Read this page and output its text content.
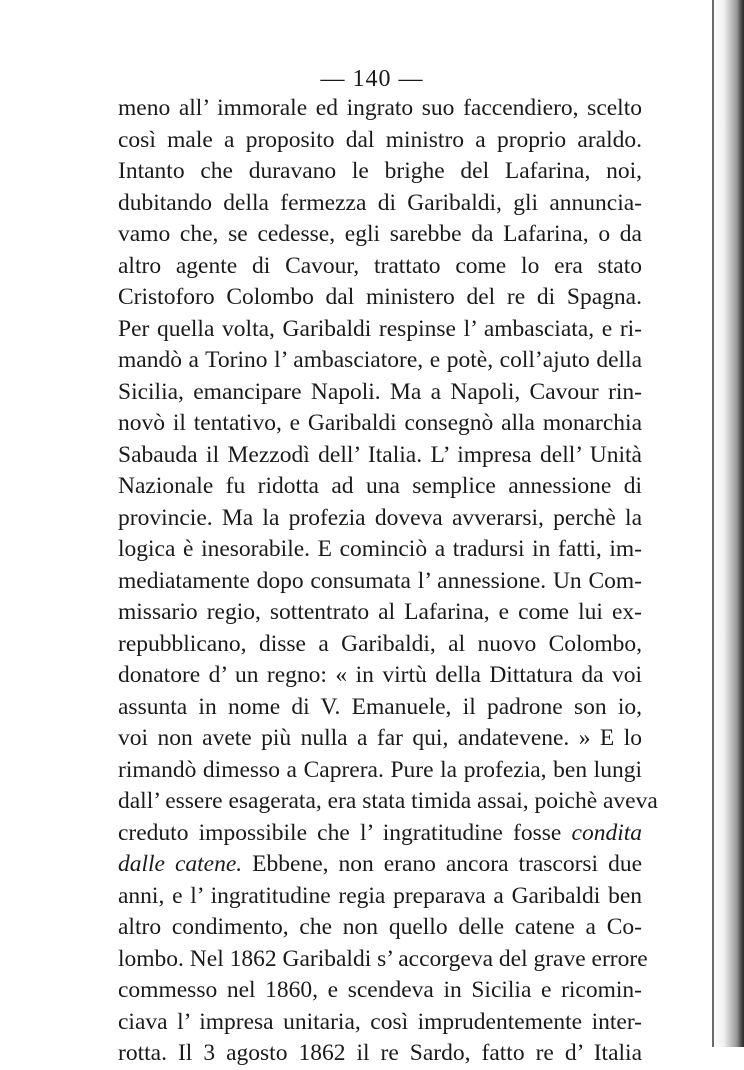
— 140 —
meno all’ immorale ed ingrato suo faccendiero, scelto
così male a proposito dal ministro a proprio araldo.
Intanto che duravano le brighe del Lafarina, noi,
dubitando della fermezza di Garibaldi, gli annuncia-
vamo che, se cedesse, egli sarebbe da Lafarina, o da
altro agente di Cavour, trattato come lo era stato
Cristoforo Colombo dal ministero del re di Spagna.
Per quella volta, Garibaldi respinse l’ ambasciata, e ri-
mandò a Torino l’ ambasciatore, e potè, coll’ajuto della
Sicilia, emancipare Napoli. Ma a Napoli, Cavour rin-
novò il tentativo, e Garibaldi consegnò alla monarchia
Sabauda il Mezzodì dell’ Italia. L’ impresa dell’ Unità
Nazionale fu ridotta ad una semplice annessione di
provincie. Ma la profezia doveva avverarsi, perchè la
logica è inesorabile. E cominciò a tradursi in fatti, im-
mediatamente dopo consumata l’ annessione. Un Com-
missario regio, sottentrato al Lafarina, e come lui ex-
repubblicano, disse a Garibaldi, al nuovo Colombo,
donatore d’ un regno: « in virtù della Dittatura da voi
assunta in nome di V. Emanuele, il padrone son io,
voi non avete più nulla a far qui, andatevene. » E lo
rimandò dimesso a Caprera. Pure la profezia, ben lungi
dall’ essere esagerata, era stata timida assai, poichè aveva
creduto impossibile che l’ ingratitudine fosse condita
dalle catene. Ebbene, non erano ancora trascorsi due
anni, e l’ ingratitudine regia preparava a Garibaldi ben
altro condimento, che non quello delle catene a Co-
lombo. Nel 1862 Garibaldi s’ accorgeva del grave errore
commesso nel 1860, e scendeva in Sicilia e ricomin-
ciava l’ impresa unitaria, così imprudentemente inter-
rotta. Il 3 agosto 1862 il re Sardo, fatto re d’ Italia
